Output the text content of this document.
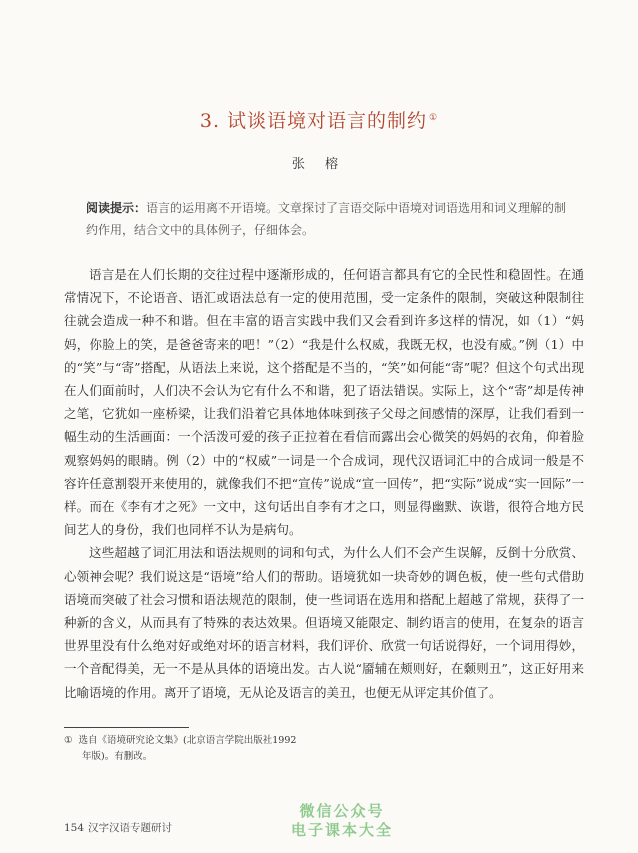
3. 试谈语境对语言的制约 ①
张 榕
阅读提示：语言的运用离不开语境。文章探讨了言语交际中语境对词语选用和词义理解的制约作用，结合文中的具体例子，仔细体会。

语言是在人们长期的交往过程中逐渐形成的，任何语言都具有它的全民性和稳固性。在通常情况下，不论语音、语汇或语法总有一定的使用范围，受一定条件的限制，突破这种限制往往就会造成一种不和谐。但在丰富的语言实践中我们又会看到许多这样的情况，如（1）“妈妈，你脸上的笑，是爸爸寄来的吧！”（2）“我是什么权威，我既无权，也没有威。”例（1）中的“笑”与“寄”搭配，从语法上来说，这个搭配是不当的，“笑”如何能“寄”呢？但这个句式出现在人们面前时，人们决不会认为它有什么不和谐，犯了语法错误。实际上，这个“寄”却是传神之笔，它犹如一座桥梁，让我们沿着它具体地体味到孩子父母之间感情的深厚，让我们看到一幅生动的生活画面：一个活泼可爱的孩子正拉着在看信而露出会心微笑的妈妈的衣角，仰着脸观察妈妈的眼睛。例（2）中的“权威”一词是一个合成词，现代汉语词汇中的合成词一般是不容许任意割裂开来使用的，就像我们不把“宣传”说成“宣一回传”，把“实际”说成“实一回际”一样。而在《李有才之死》一文中，这句话出自李有才之口，则显得幽默、诙谐，很符合地方民间艺人的身份，我们也同样不认为是病句。

这些超越了词汇用法和语法规则的词和句式，为什么人们不会产生误解，反倒十分欣赏、心领神会呢？我们说这是“语境”给人们的帮助。语境犹如一块奇妙的调色板，使一些句式借助语境而突破了社会习惯和语法规范的限制，使一些词语在选用和搭配上超越了常规，获得了一种新的含义，从而具有了特殊的表达效果。但语境又能限定、制约语言的使用，在复杂的语言世界里没有什么绝对好或绝对坏的语言材料，我们评价、欣赏一句话说得好，一个词用得妙，一个音配得美，无一不是从具体的语境出发。古人说“靥辅在颊则好，在颡则丑”，这正好用来比喻语境的作用。离开了语境，无从论及语言的美丑，也便无从评定其价值了。

① 选自《语境研究论文集》(北京语言学院出版社1992
年版)。有删改。
154 汉字汉语专题研讨
微信公众号
电子课本大全
